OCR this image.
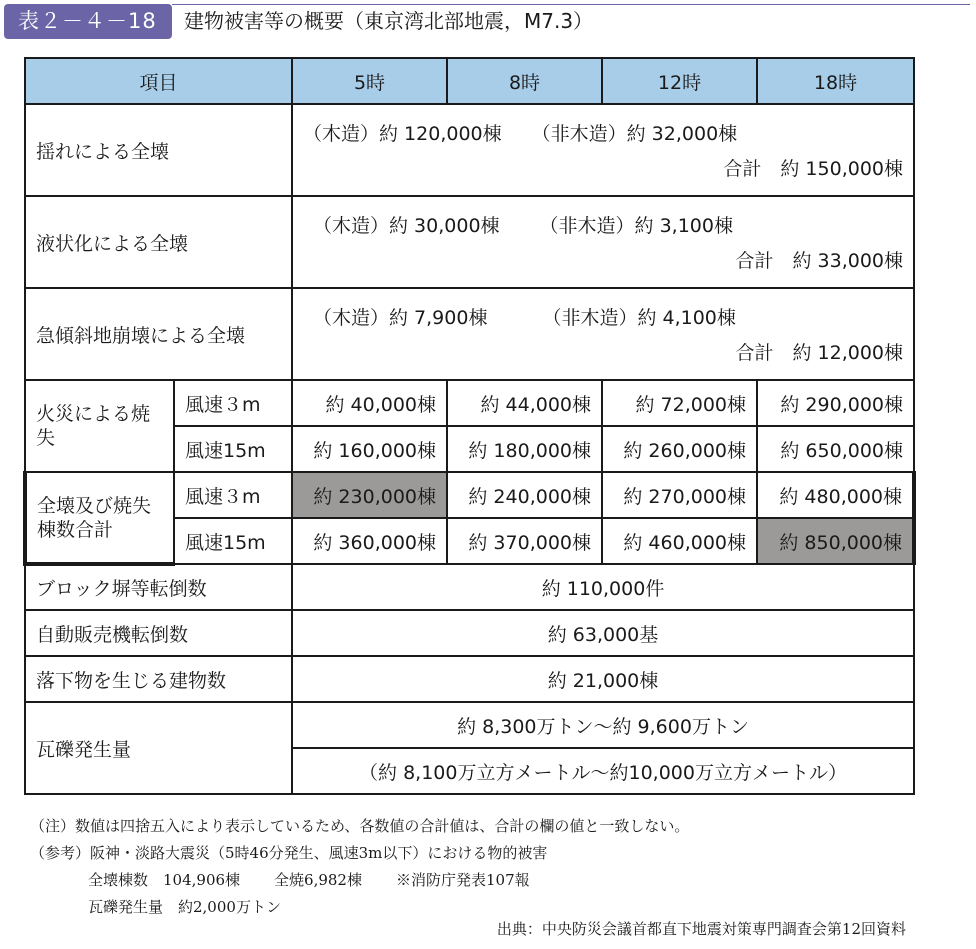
表２－４－18	建物被害等の概要（東京湾北部地震，M7.3）
項目		5時	8時	12時	18時
揺れによる全壊		（木造）約 120,000棟 （非木造）約 32,000棟
合計　約 150,000棟			

液状化による全壊		（木造）約 30,000棟 （非木造）約 3,100棟
合計　約 33,000棟			

急傾斜地崩壊による全壊		（木造）約 7,900棟 （非木造）約 4,100棟
合計　約 12,000棟			

火災による焼失	風速３m	約 40,000棟	約 44,000棟	約 72,000棟	約 290,000棟
	風速15m	約 160,000棟	約 180,000棟	約 260,000棟	約 650,000棟
全壊及び焼失棟数合計	風速３m	約 230,000棟	約 240,000棟	約 270,000棟	約 480,000棟
	風速15m	約 360,000棟	約 370,000棟	約 460,000棟	約 850,000棟
ブロック塀等転倒数		約 110,000件			
自動販売機転倒数		約 63,000基			
落下物を生じる建物数		約 21,000棟			
瓦礫発生量		約 8,300万トン～約 9,600万トン			
		（約 8,100万立方メートル～約10,000万立方メートル）			
（注）数値は四捨五入により表示しているため、各数値の合計値は、合計の欄の値と一致しない。
（参考）阪神・淡路大震災（5時46分発生、風速3m以下）における物的被害
全壊棟数　104,906棟 全焼6,982棟 ※消防庁発表107報
瓦礫発生量　約2,000万トン
出典：中央防災会議首都直下地震対策専門調査会第12回資料
